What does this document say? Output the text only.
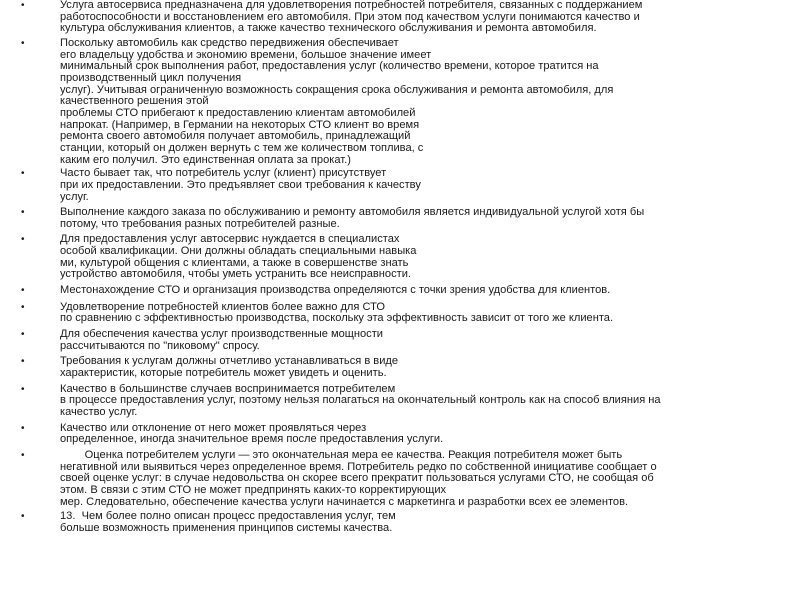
•	Услуга автосервиса предназначена для удовлетворения потребностей потребителя, связанных с поддержанием
работоспособности и восстановлением его автомобиля. При этом под качеством услуги понимаются качество и
культура обслуживания клиентов, а также качество технического обслуживания и ремонта автомобиля.
•	Поскольку автомобиль как средство передвижения обеспечивает
его владельцу удобства и экономию времени, большое значение имеет
минимальный срок выполнения работ, предоставления услуг (количество времени, которое тратится на
производственный цикл получения
услуг). Учитывая ограниченную возможность сокращения срока обслуживания и ремонта автомобиля, для
качественного решения этой
проблемы СТО прибегают к предоставлению клиентам автомобилей
напрокат. (Например, в Германии на некоторых СТО клиент во время
ремонта своего автомобиля получает автомобиль, принадлежащий
станции, который он должен вернуть с тем же количеством топлива, с
каким его получил. Это единственная оплата за прокат.)
•	Часто бывает так, что потребитель услуг (клиент) присутствует
при их предоставлении. Это предъявляет свои требования к качеству
услуг.
•	Выполнение каждого заказа по обслуживанию и ремонту автомобиля является индивидуальной услугой хотя бы
потому, что требования разных потребителей разные.
•	Для предоставления услуг автосервис нуждается в специалистах
особой квалификации. Они должны обладать специальными навыка
ми, культурой общения с клиентами, а также в совершенстве знать
устройство автомобиля, чтобы уметь устранить все неисправности.
•	Местонахождение СТО и организация производства определяются с точки зрения удобства для клиентов.
•	Удовлетворение потребностей клиентов более важно для СТО
по сравнению с эффективностью производства, поскольку эта эффективность зависит от того же клиента.
•	Для обеспечения качества услуг производственные мощности
рассчитываются по "пиковому" спросу.
•	Требования к услугам должны отчетливо устанавливаться в виде
характеристик, которые потребитель может увидеть и оценить.
•	Качество в большинстве случаев воспринимается потребителем
в процессе предоставления услуг, поэтому нельзя полагаться на окончательный контроль как на способ влияния на
качество услуг.
•	Качество или отклонение от него может проявляться через
определенное, иногда значительное время после предоставления услуги.
•	Оценка потребителем услуги — это окончательная мера ее качества. Реакция потребителя может быть
негативной или выявиться через определенное время. Потребитель редко по собственной инициативе сообщает о
своей оценке услуг: в случае недовольства он скорее всего прекратит пользоваться услугами СТО, не сообщая об
этом. В связи с этим СТО не может предпринять каких-то корректирующих
мер. Следовательно, обеспечение качества услуги начинается с маркетинга и разработки всех ее элементов.
•	13.  Чем более полно описан процесс предоставления услуг, тем
больше возможность применения принципов системы качества.
